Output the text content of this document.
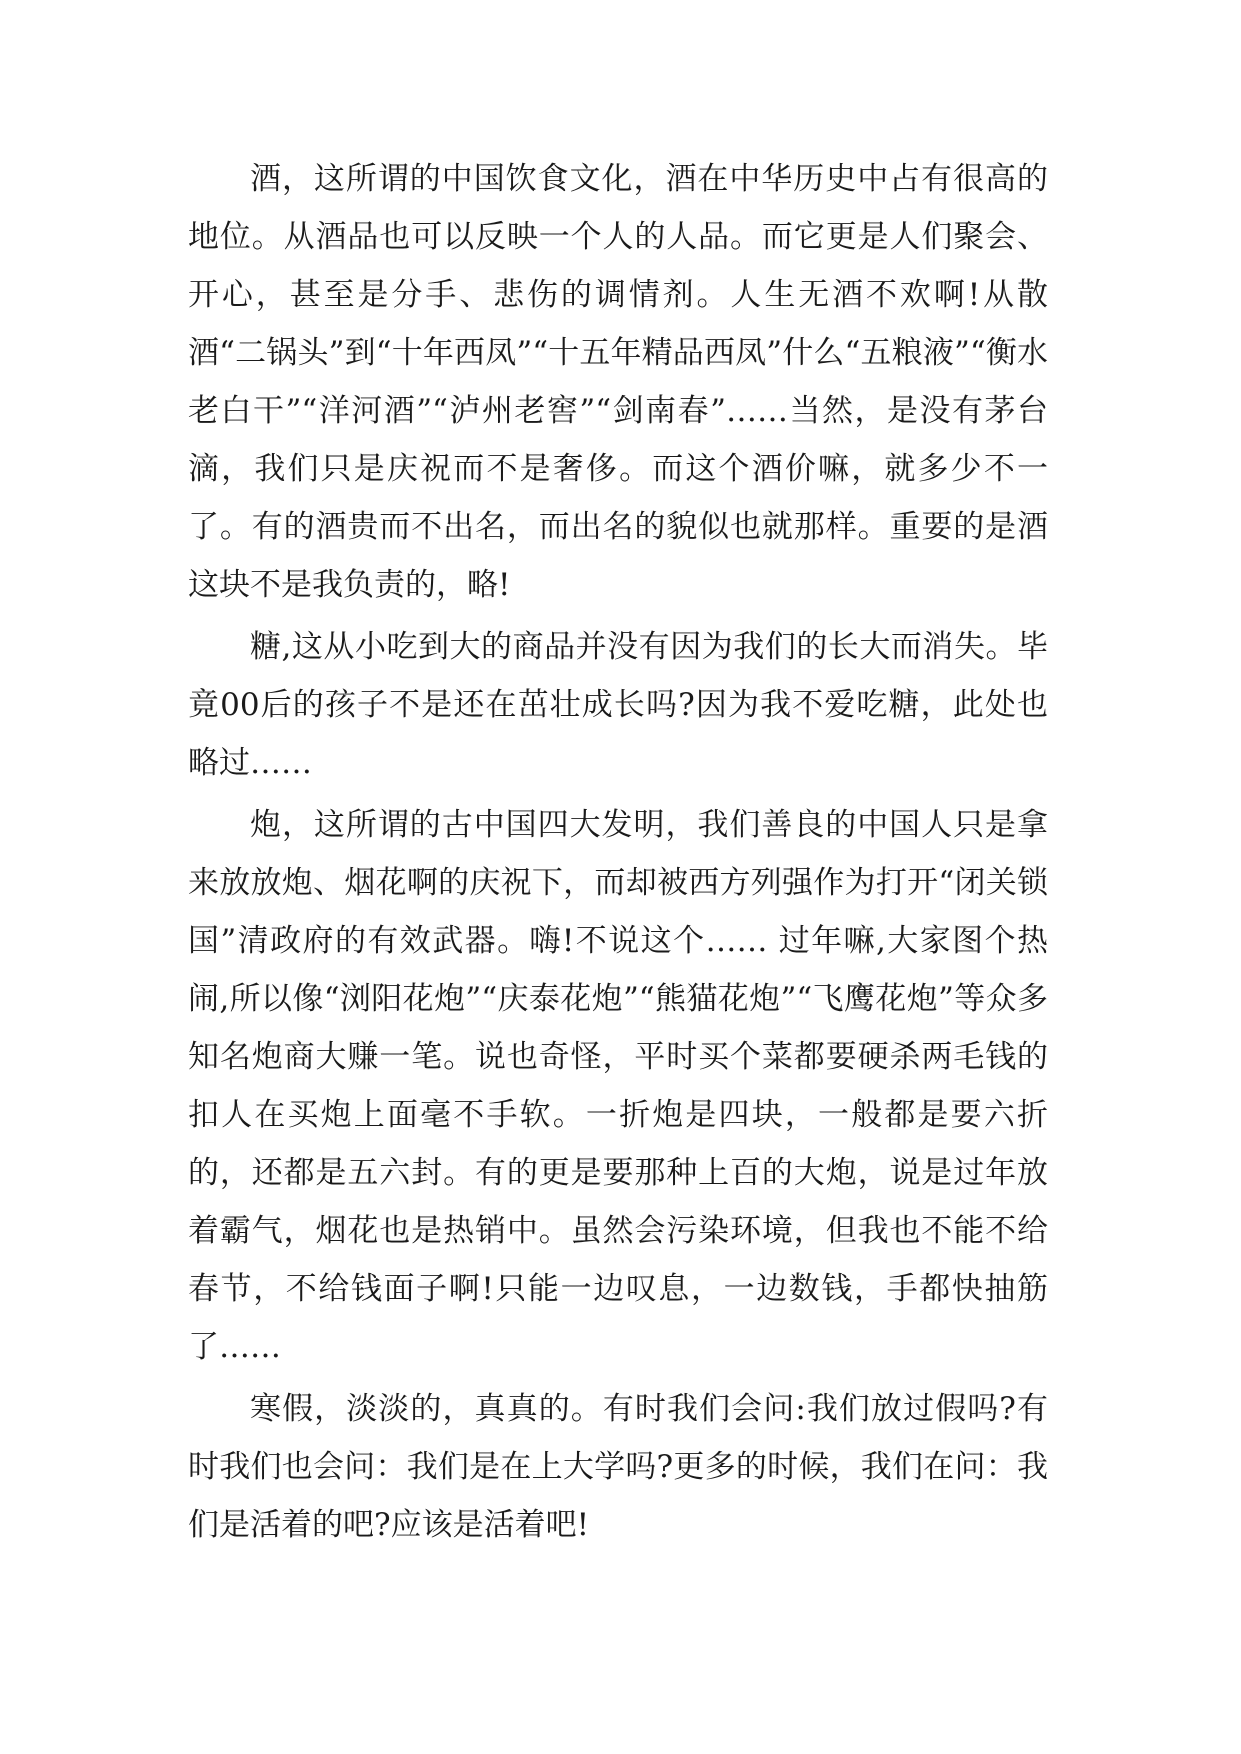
酒，这所谓的中国饮食文化，酒在中华历史中占有很高的地位。从酒品也可以反映一个人的人品。而它更是人们聚会、开心，甚至是分手、悲伤的调情剂。人生无酒不欢啊!从散酒“二锅头”到“十年西凤”“十五年精品西凤”什么“五粮液”“衡水老白干”“洋河酒”“泸州老窖”“剑南春”……当然，是没有茅台滴，我们只是庆祝而不是奢侈。而这个酒价嘛，就多少不一了。有的酒贵而不出名，而出名的貌似也就那样。重要的是酒这块不是我负责的，略!

糖,这从小吃到大的商品并没有因为我们的长大而消失。毕竟00后的孩子不是还在茁壮成长吗?因为我不爱吃糖，此处也略过……

炮，这所谓的古中国四大发明，我们善良的中国人只是拿来放放炮、烟花啊的庆祝下，而却被西方列强作为打开“闭关锁国”清政府的有效武器。嗨!不说这个…… 过年嘛,大家图个热闹,所以像“浏阳花炮”“庆泰花炮”“熊猫花炮”“飞鹰花炮”等众多知名炮商大赚一笔。说也奇怪，平时买个菜都要硬杀两毛钱的扣人在买炮上面毫不手软。一折炮是四块，一般都是要六折的，还都是五六封。有的更是要那种上百的大炮，说是过年放着霸气，烟花也是热销中。虽然会污染环境，但我也不能不给春节，不给钱面子啊!只能一边叹息，一边数钱，手都快抽筋了……

寒假，淡淡的，真真的。有时我们会问:我们放过假吗?有时我们也会问：我们是在上大学吗?更多的时候，我们在问：我们是活着的吧?应该是活着吧!
